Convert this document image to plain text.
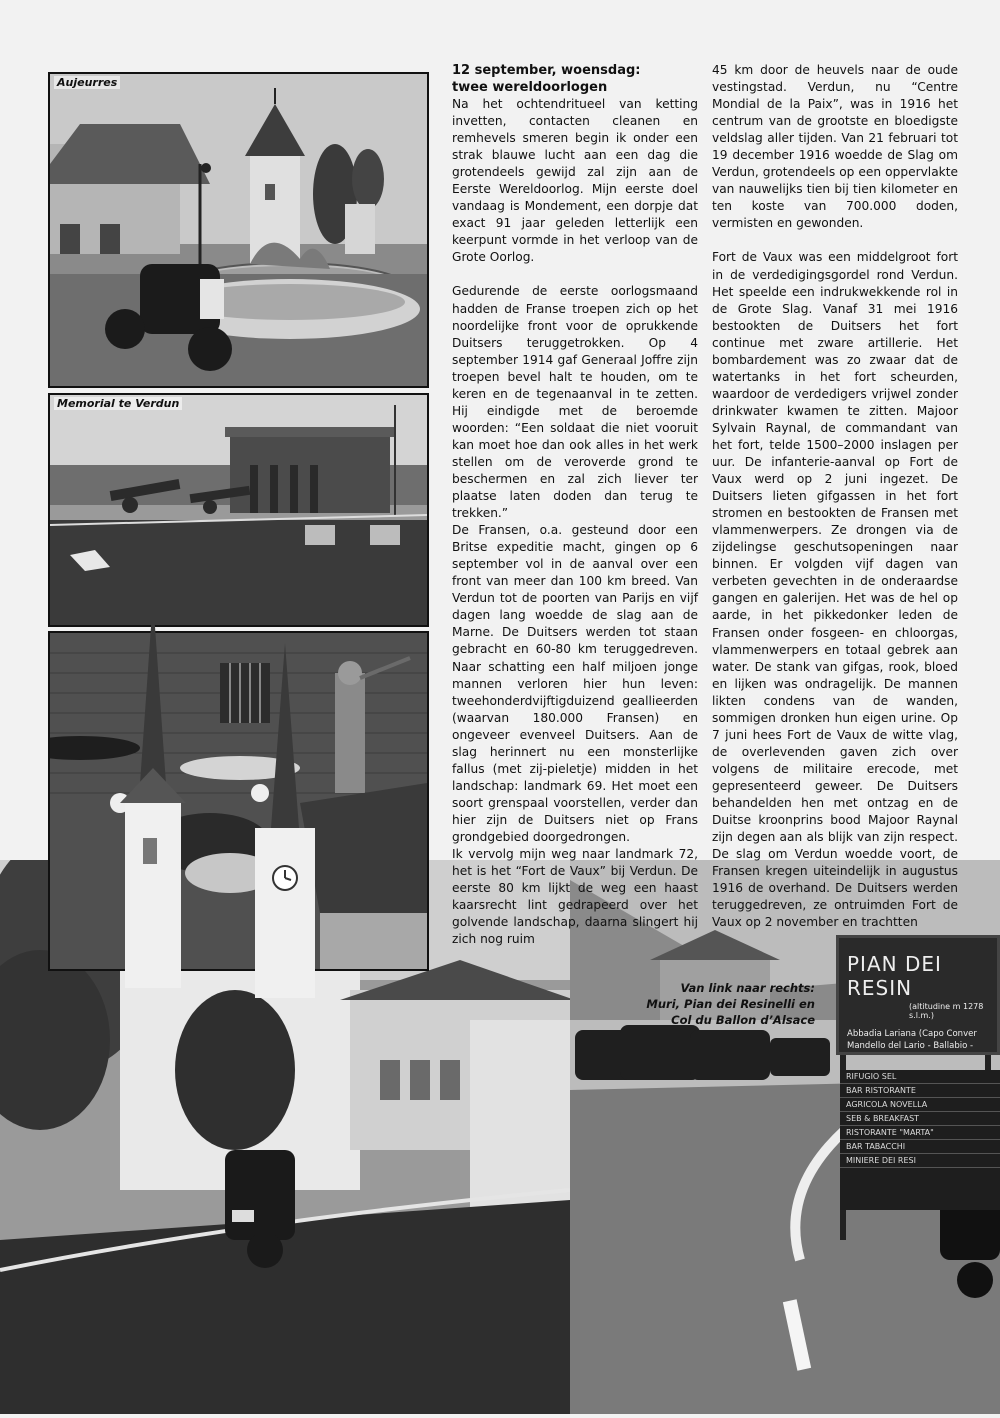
Aujeurres
Memorial te Verdun
12 september, woensdag:
twee wereldoorlogen

Na het ochtendritueel van ketting invetten, contacten cleanen en remhevels smeren begin ik onder een strak blauwe lucht aan een dag die grotendeels gewijd zal zijn aan de Eerste Wereldoorlog. Mijn eerste doel vandaag is Mondement, een dorpje dat exact 91 jaar geleden letterlijk een keerpunt vormde in het verloop van de Grote Oorlog.

Gedurende de eerste oorlogsmaand hadden de Franse troepen zich op het noordelijke front voor de oprukkende Duitsers teruggetrokken. Op 4 september 1914 gaf Generaal Joffre zijn troepen bevel halt te houden, om te keren en de tegenaanval in te zetten. Hij eindigde met de beroemde woorden: “Een soldaat die niet vooruit kan moet hoe dan ook alles in het werk stellen om de veroverde grond te beschermen en zal zich liever ter plaatse laten doden dan terug te trekken.”

De Fransen, o.a. gesteund door een Britse expeditie macht, gingen op 6 september vol in de aanval over een front van meer dan 100 km breed. Van Verdun tot de poorten van Parijs en vijf dagen lang woedde de slag aan de Marne. De Duitsers werden tot staan gebracht en 60-80 km teruggedreven. Naar schatting een half miljoen jonge mannen verloren hier hun leven: tweehonderdvijftigduizend geallieerden (waarvan 180.000 Fransen) en ongeveer evenveel Duitsers. Aan de slag herinnert nu een monsterlijke fallus (met zij-pieletje) midden in het landschap: landmark 69. Het moet een soort grenspaal voorstellen, verder dan hier zijn de Duitsers niet op Frans grondgebied doorgedrongen.

Ik vervolg mijn weg naar landmark 72, het is het “Fort de Vaux” bij Verdun. De eerste 80 km lijkt de weg een haast kaarsrecht lint gedrapeerd over het golvende landschap, daarna slingert hij zich nog ruim

45 km door de heuvels naar de oude vestingstad. Verdun, nu “Centre Mondial de la Paix”, was in 1916 het centrum van de grootste en bloedigste veldslag aller tijden. Van 21 februari tot 19 december 1916 woedde de Slag om Verdun, grotendeels op een oppervlakte van nauwelijks tien bij tien kilometer en ten koste van 700.000 doden, vermisten en gewonden.

Fort de Vaux was een middelgroot fort in de verdedigingsgordel rond Verdun. Het speelde een indrukwekkende rol in de Grote Slag. Vanaf 31 mei 1916 bestookten de Duitsers het fort continue met zware artillerie. Het bombardement was zo zwaar dat de watertanks in het fort scheurden, waardoor de verdedigers vrijwel zonder drinkwater kwamen te zitten. Majoor Sylvain Raynal, de commandant van het fort, telde 1500–2000 inslagen per uur. De infanterie-aanval op Fort de Vaux werd op 2 juni ingezet. De Duitsers lieten gifgassen in het fort stromen en bestookten de Fransen met vlammenwerpers. Ze drongen via de zijdelingse geschutsopeningen naar binnen. Er volgden vijf dagen van verbeten gevechten in de onderaardse gangen en galerijen. Het was de hel op aarde, in het pikkedonker leden de Fransen onder fosgeen- en chloorgas, vlammenwerpers en totaal gebrek aan water. De stank van gifgas, rook, bloed en lijken was ondragelijk. De mannen likten condens van de wanden, sommigen dronken hun eigen urine. Op 7 juni hees Fort de Vaux de witte vlag, de overlevenden gaven zich over volgens de militaire erecode, met gepresenteerd geweer. De Duitsers behandelden hen met ontzag en de Duitse kroonprins bood Majoor Raynal zijn degen aan als blijk van zijn respect. De slag om Verdun woedde voort, de Fransen kregen uiteindelijk in augustus 1916 de overhand. De Duitsers werden teruggedreven, ze ontruimden Fort de Vaux op 2 november en trachtten

Van link naar rechts:
Muri, Pian dei Resinelli en
Col du Ballon d’Alsace
PIAN DEI RESIN
(altitudine m 1278 s.l.m.)
Abbadia Lariana (Capo Conver
Mandello del Lario - Ballabio -
RIFUGIO SEL
BAR RISTORANTE
AGRICOLA NOVELLA
SEB & BREAKFAST
RISTORANTE "MARTA"
BAR TABACCHI
MINIERE DEI RESI
